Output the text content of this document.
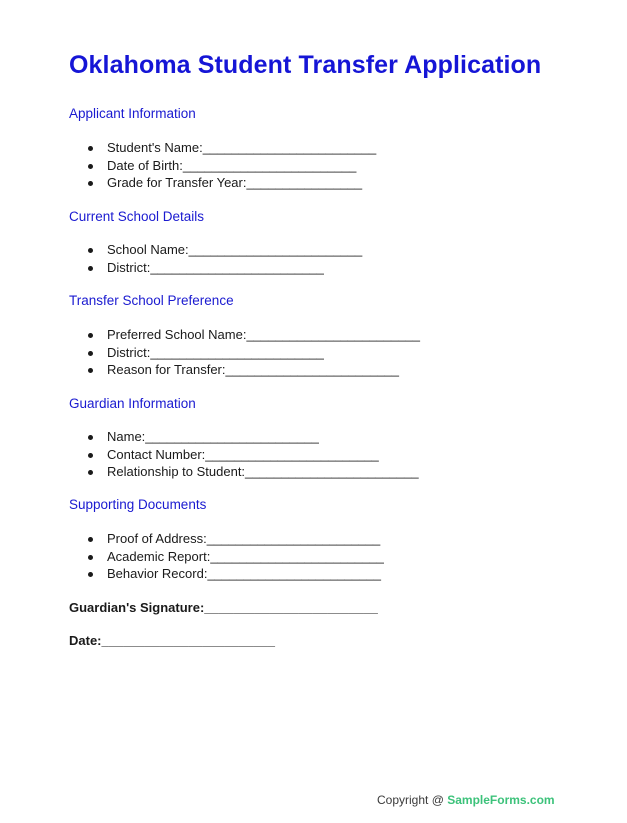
Oklahoma Student Transfer Application
Applicant Information
Student's Name:________________________
Date of Birth:________________________
Grade for Transfer Year:________________
Current School Details
School Name:________________________
District:________________________
Transfer School Preference
Preferred School Name:________________________
District:________________________
Reason for Transfer:________________________
Guardian Information
Name:________________________
Contact Number:________________________
Relationship to Student:________________________
Supporting Documents
Proof of Address:________________________
Academic Report:________________________
Behavior Record:________________________
Guardian's Signature:________________________
Date:________________________
Copyright @ SampleForms.com
